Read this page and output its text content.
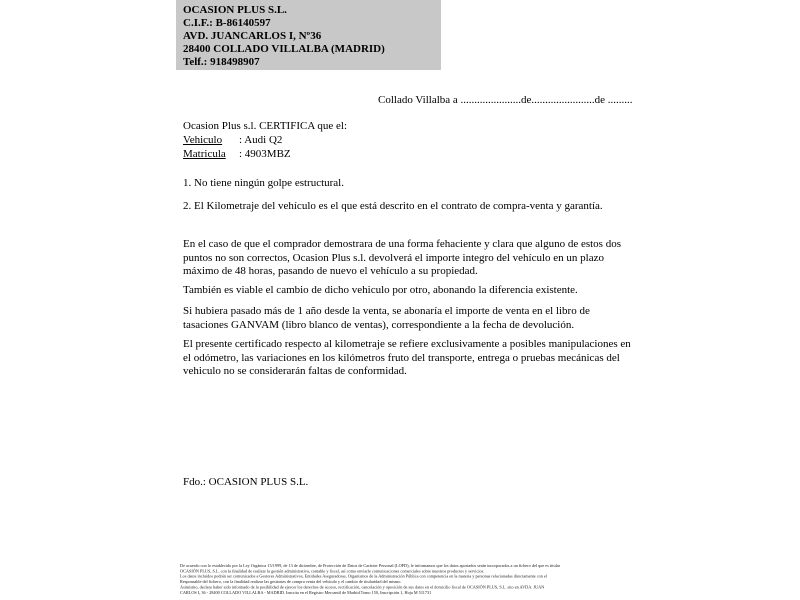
OCASION PLUS S.L.
C.I.F.: B-86140597
AVD. JUANCARLOS I, Nº36
28400 COLLADO VILLALBA (MADRID)
Telf.: 918498907
Collado Villalba a ......................de.......................de .........
Ocasion Plus s.l. CERTIFICA que el:
Vehiculo : Audi Q2
Matricula : 4903MBZ
1. No tiene ningún golpe estructural.
2. El Kilometraje del vehículo es el que está descrito en el contrato de compra-venta y garantía.
En el caso de que el comprador demostrara de una forma fehaciente y clara que alguno de estos dos puntos no son correctos, Ocasion Plus s.l. devolverá el importe integro del vehículo en un plazo máximo de 48 horas, pasando de nuevo el vehículo a su propiedad.
También es viable el cambio de dicho vehiculo por otro, abonando la diferencia existente.
Si hubiera pasado más de 1 año desde la venta, se abonaría el importe de venta en el libro de tasaciones GANVAM (libro blanco de ventas), correspondiente a la fecha de devolución.
El presente certificado respecto al kilometraje se refiere exclusivamente a posibles manipulaciones en el odómetro, las variaciones en los kilómetros fruto del transporte, entrega o pruebas mecánicas del vehiculo no se considerarán faltas de conformidad.
Fdo.: OCASION PLUS S.L.
De acuerdo con lo establecido por la Ley Orgánica 15/1999, de 13 de diciembre, de Protección de Datos de Carácter Personal (LOPD), le informamos que los datos aportados serán incorporados a un fichero del que es titular
OCASIÓN PLUS, S.L. con la finalidad de realizar la gestión administrativa, contable y fiscal, así como enviarle comunicaciones comerciales sobre nuestros productos y servicios.
Los datos incluidos podrán ser comunicados a Gestores Administrativos, Entidades Aseguradoras, Organismos de la Administración Pública con competencia en la materia y personas relacionadas directamente con el
Responsable del fichero, con la finalidad realizar las gestiones de compra venta del vehículo y el cambio de titularidad del mismo.
Asimismo, declaro haber sido informado de la posibilidad de ejercer los derechos de acceso, rectificación, cancelación y oposición de sus datos en el domicilio fiscal de OCASIÓN PLUS, S.L. sito en AVDA. JUAN
CARLOS I, 36 - 28400 COLLADO VILLALBA - MADRID. Inscrita en el Registro Mercantil de Madrid Tomo 150, Inscripción 1, Hoja M 511731
